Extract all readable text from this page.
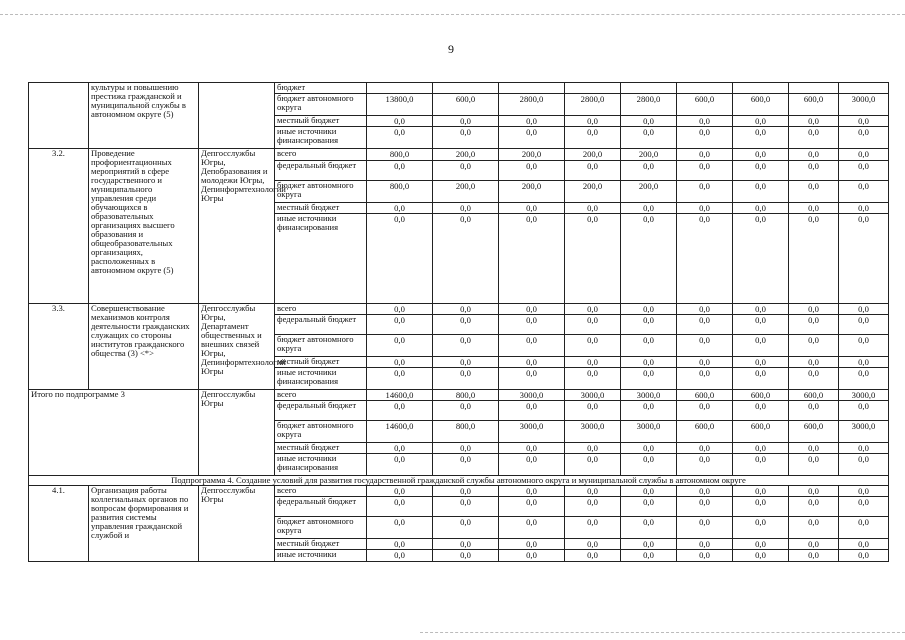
9
	культуры и повышению престижа гражданской и муниципальной службы в автономном округе (5)		бюджет									
			бюджет автономного округа	13800,0	600,0	2800,0	2800,0	2800,0	600,0	600,0	600,0	3000,0
			местный бюджет	0,0	0,0	0,0	0,0	0,0	0,0	0,0	0,0	0,0
			иные источники финансирования	0,0	0,0	0,0	0,0	0,0	0,0	0,0	0,0	0,0
3.2.	Проведение профориентационных мероприятий в сфере государственного и муниципального управления среди обучающихся в образовательных организациях высшего образования и общеобразовательных организациях, расположенных в автономном округе (5)	Депгосслужбы Югры, Депобразования и молодежи Югры, Депинформтехнологий Югры	всего	800,0	200,0	200,0	200,0	200,0	0,0	0,0	0,0	0,0
			федеральный бюджет	0,0	0,0	0,0	0,0	0,0	0,0	0,0	0,0	0,0
			бюджет автономного округа	800,0	200,0	200,0	200,0	200,0	0,0	0,0	0,0	0,0
			местный бюджет	0,0	0,0	0,0	0,0	0,0	0,0	0,0	0,0	0,0
			иные источники финансирования	0,0	0,0	0,0	0,0	0,0	0,0	0,0	0,0	0,0
3.3.	Совершенствование механизмов контроля деятельности гражданских служащих со стороны институтов гражданского общества (3) <*>	Депгосслужбы Югры, Департамент общественных и внешних связей Югры, Депинформтехнологий Югры	всего	0,0	0,0	0,0	0,0	0,0	0,0	0,0	0,0	0,0
			федеральный бюджет	0,0	0,0	0,0	0,0	0,0	0,0	0,0	0,0	0,0
			бюджет автономного округа	0,0	0,0	0,0	0,0	0,0	0,0	0,0	0,0	0,0
			местный бюджет	0,0	0,0	0,0	0,0	0,0	0,0	0,0	0,0	0,0
			иные источники финансирования	0,0	0,0	0,0	0,0	0,0	0,0	0,0	0,0	0,0
Итого по подпрограмме 3		Депгосслужбы Югры	всего	14600,0	800,0	3000,0	3000,0	3000,0	600,0	600,0	600,0	3000,0
			федеральный бюджет	0,0	0,0	0,0	0,0	0,0	0,0	0,0	0,0	0,0
			бюджет автономного округа	14600,0	800,0	3000,0	3000,0	3000,0	600,0	600,0	600,0	3000,0
			местный бюджет	0,0	0,0	0,0	0,0	0,0	0,0	0,0	0,0	0,0
			иные источники финансирования	0,0	0,0	0,0	0,0	0,0	0,0	0,0	0,0	0,0
Подпрограмма 4. Создание условий для развития государственной гражданской службы автономного округа и муниципальной службы в автономном округе												
4.1.	Организация работы коллегиальных органов по вопросам формирования и развития системы управления гражданской службой и	Депгосслужбы Югры	всего	0,0	0,0	0,0	0,0	0,0	0,0	0,0	0,0	0,0
			федеральный бюджет	0,0	0,0	0,0	0,0	0,0	0,0	0,0	0,0	0,0
			бюджет автономного округа	0,0	0,0	0,0	0,0	0,0	0,0	0,0	0,0	0,0
			местный бюджет	0,0	0,0	0,0	0,0	0,0	0,0	0,0	0,0	0,0
			иные источники	0,0	0,0	0,0	0,0	0,0	0,0	0,0	0,0	0,0
